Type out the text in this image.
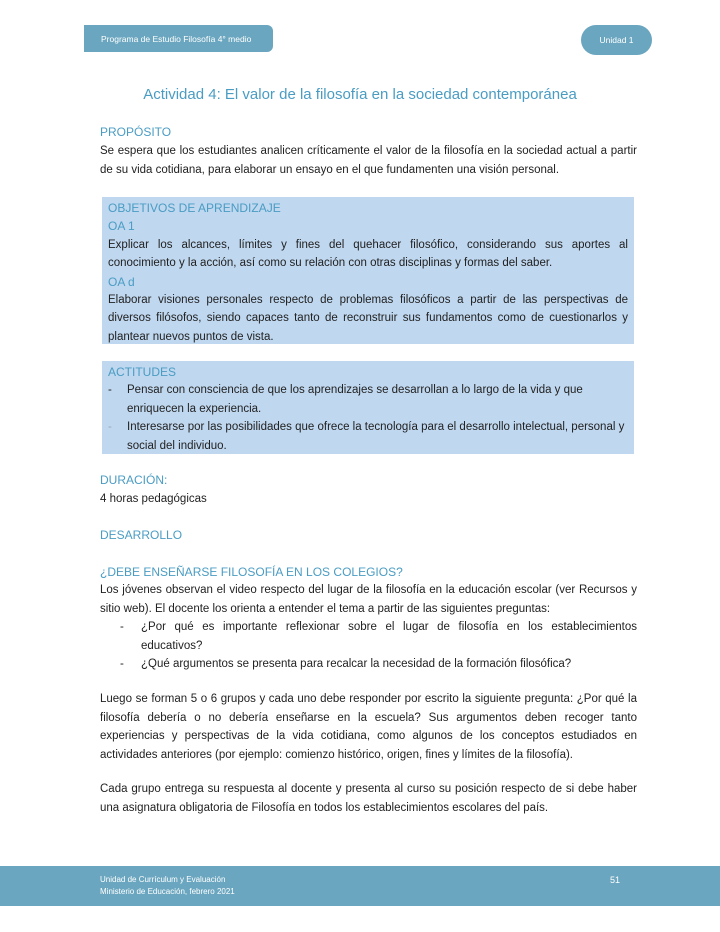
Programa de Estudio Filosofía 4° medio	Unidad 1
Actividad 4: El valor de la filosofía en la sociedad contemporánea
PROPÓSITO
Se espera que los estudiantes analicen críticamente el valor de la filosofía en la sociedad actual a partir de su vida cotidiana, para elaborar un ensayo en el que fundamenten una visión personal.
OBJETIVOS DE APRENDIZAJE
OA 1

Explicar los alcances, límites y fines del quehacer filosófico, considerando sus aportes al conocimiento y la acción, así como su relación con otras disciplinas y formas del saber.

OA d

Elaborar visiones personales respecto de problemas filosóficos a partir de las perspectivas de diversos filósofos, siendo capaces tanto de reconstruir sus fundamentos como de cuestionarlos y plantear nuevos puntos de vista.

ACTITUDES
- Pensar con consciencia de que los aprendizajes se desarrollan a lo largo de la vida y que enriquecen la experiencia.
- Interesarse por las posibilidades que ofrece la tecnología para el desarrollo intelectual, personal y social del individuo.
DURACIÓN:
4 horas pedagógicas
DESARROLLO
¿DEBE ENSEÑARSE FILOSOFÍA EN LOS COLEGIOS?

Los jóvenes observan el video respecto del lugar de la filosofía en la educación escolar (ver Recursos y sitio web). El docente los orienta a entender el tema a partir de las siguientes preguntas:

- ¿Por qué es importante reflexionar sobre el lugar de filosofía en los establecimientos educativos?
- ¿Qué argumentos se presenta para recalcar la necesidad de la formación filosófica?
Luego se forman 5 o 6 grupos y cada uno debe responder por escrito la siguiente pregunta: ¿Por qué la filosofía debería o no debería enseñarse en la escuela? Sus argumentos deben recoger tanto experiencias y perspectivas de la vida cotidiana, como algunos de los conceptos estudiados en actividades anteriores (por ejemplo: comienzo histórico, origen, fines y límites de la filosofía).
Cada grupo entrega su respuesta al docente y presenta al curso su posición respecto de si debe haber una asignatura obligatoria de Filosofía en todos los establecimientos escolares del país.
Unidad de Currículum y Evaluación
Ministerio de Educación, febrero 2021
51
